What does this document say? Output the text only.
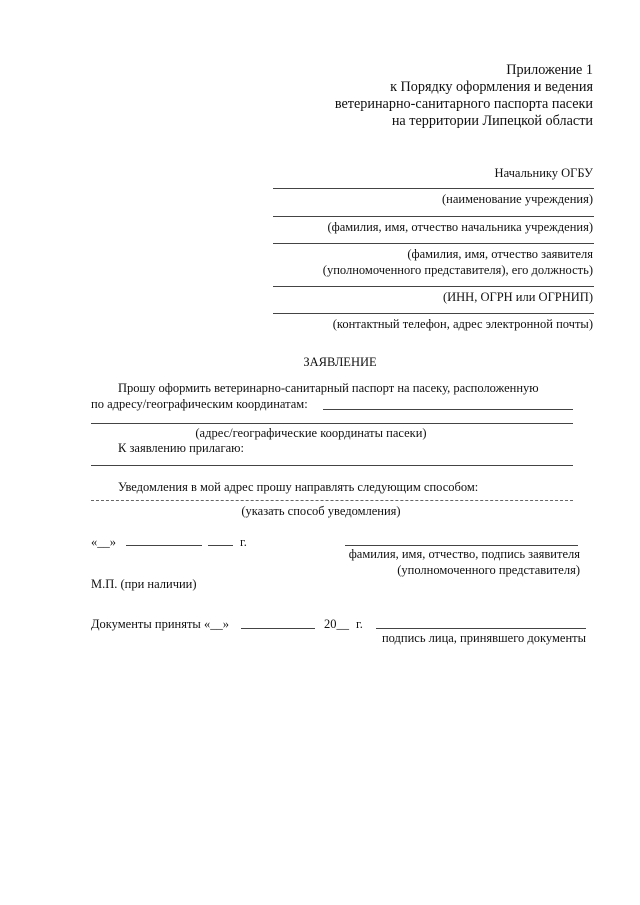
Приложение 1
к Порядку оформления и ведения
ветеринарно-санитарного паспорта пасеки
на территории Липецкой области
Начальнику ОГБУ
(наименование учреждения)
(фамилия, имя, отчество начальника учреждения)
(фамилия, имя, отчество заявителя
(уполномоченного представителя), его должность)
(ИНН, ОГРН или ОГРНИП)
(контактный телефон, адрес электронной почты)
ЗАЯВЛЕНИЕ
Прошу оформить ветеринарно-санитарный паспорт на пасеку, расположенную
по адресу/географическим координатам:
(адрес/географические координаты пасеки)
К заявлению прилагаю:
Уведомления в мой адрес прошу направлять следующим способом:
(указать способ уведомления)
«__»	г.
фамилия, имя, отчество, подпись заявителя
(уполномоченного представителя)
М.П. (при наличии)
Документы приняты «__»	20__ г.
подпись лица, принявшего документы
